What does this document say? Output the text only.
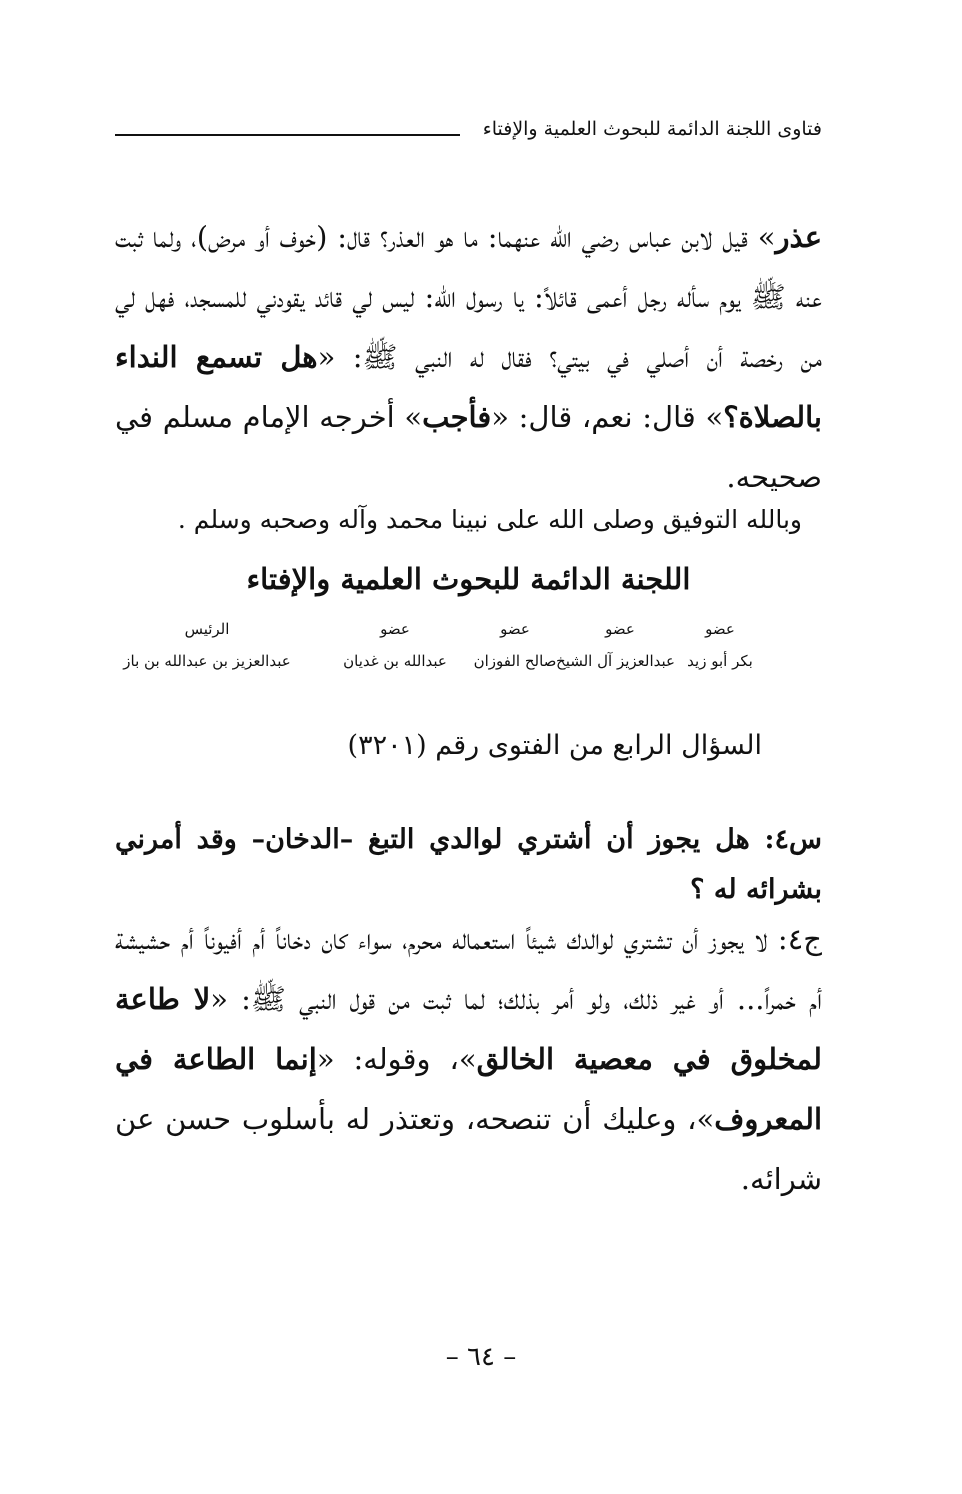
فتاوى اللجنة الدائمة للبحوث العلمية والإفتاء

عذر» قيل لابن عباس رضي الله عنهما: ما هو العذر؟ قال: (خوف أو مرض)، ولما ثبت عنه ﷺ يوم سأله رجل أعمى قائلاً: يا رسول الله: ليس لي قائد يقودني للمسجد، فهل لي من رخصة أن أصلي في بيتي؟ فقال له النبي ﷺ: «هل تسمع النداء بالصلاة؟» قال: نعم، قال: «فأجب» أخرجه الإمام مسلم في صحيحه.

وبالله التوفيق وصلى الله على نبينا محمد وآله وصحبه وسلم .
اللجنة الدائمة للبحوث العلمية والإفتاء
عضو
بكر أبو زيد
عضو
عبدالعزيز آل الشيخ
عضو
صالح الفوزان
عضو
عبدالله بن غديان
الرئيس
عبدالعزيز بن عبدالله بن باز
السؤال الرابع من الفتوى رقم (٣٢٠١)

س٤: هل يجوز أن أشتري لوالدي التبغ –الدخان– وقد أمرني بشرائه له ؟

ج٤: لا يجوز أن تشتري لوالدك شيئاً استعماله محرم، سواء كان دخاناً أم أفيوناً أم حشيشة أم خمراً... أو غير ذلك، ولو أمر بذلك؛ لما ثبت من قول النبي ﷺ: «لا طاعة لمخلوق في معصية الخالق»، وقوله: «إنما الطاعة في المعروف»، وعليك أن تنصحه، وتعتذر له بأسلوب حسن عن شرائه.

– ٦٤ –
